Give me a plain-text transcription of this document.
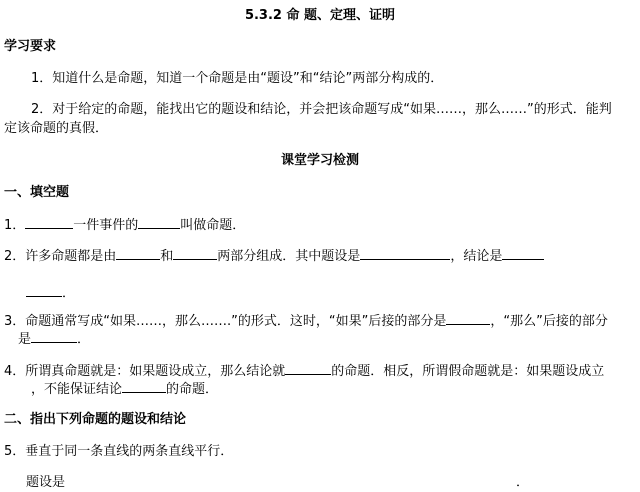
5.3.2 命 题、定理、证明
学习要求
1．知道什么是命题，知道一个命题是由“题设”和“结论”两部分构成的．
2．对于给定的命题，能找出它的题设和结论，并会把该命题写成“如果……，那么……”的形式．能判
定该命题的真假．
课堂学习检测
一、填空题
1．	一件事件的	叫做命题．
2．许多命题都是由	和	两部分组成．其中题设是	，结论是
．
3．命题通常写成“如果……，那么…….”的形式．这时，“如果”后接的部分是	，“那么”后接的部分
是	．
4．所谓真命题就是：如果题设成立，那么结论就	的命题．相反，所谓假命题就是：如果题设成立
，不能保证结论	的命题．
二、指出下列命题的题设和结论
5．垂直于同一条直线的两条直线平行．
题设是	．
